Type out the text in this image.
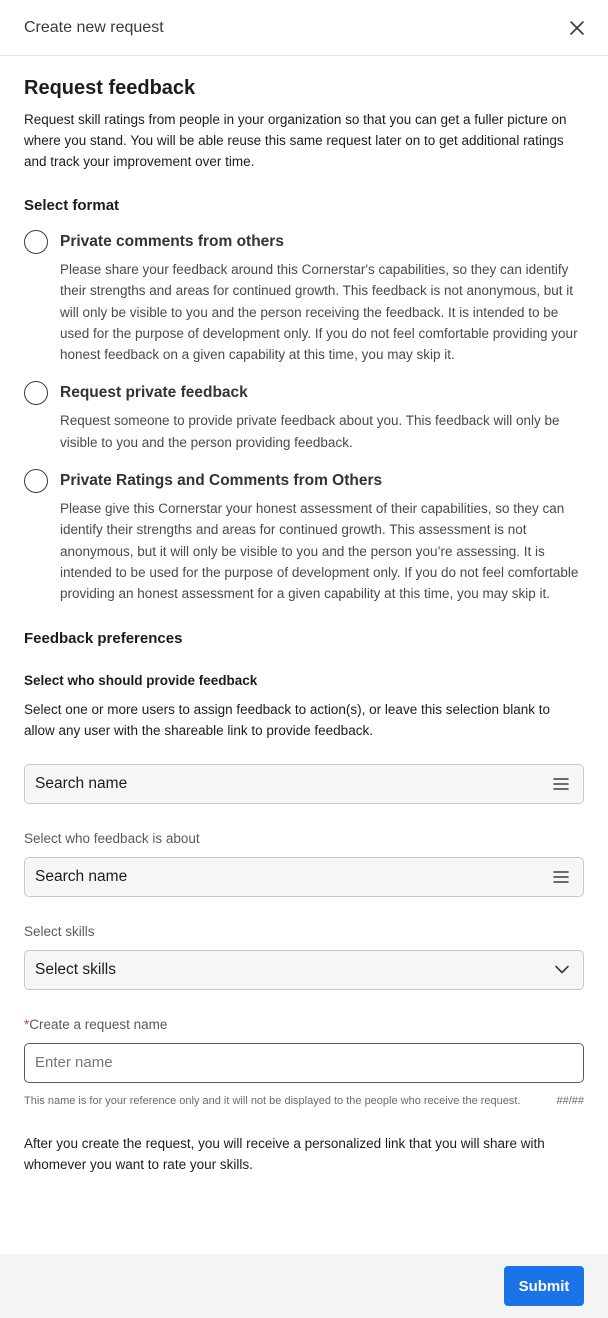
Create new request
Request feedback
Request skill ratings from people in your organization so that you can get a fuller picture on where you stand. You will be able reuse this same request later on to get additional ratings and track your improvement over time.
Select format
Private comments from others
Please share your feedback around this Cornerstar's capabilities, so they can identify their strengths and areas for continued growth. This feedback is not anonymous, but it will only be visible to you and the person receiving the feedback. It is intended to be used for the purpose of development only. If you do not feel comfortable providing your honest feedback on a given capability at this time, you may skip it.
Request private feedback
Request someone to provide private feedback about you. This feedback will only be visible to you and the person providing feedback.
Private Ratings and Comments from Others
Please give this Cornerstar your honest assessment of their capabilities, so they can identify their strengths and areas for continued growth. This assessment is not anonymous, but it will only be visible to you and the person you’re assessing. It is intended to be used for the purpose of development only. If you do not feel comfortable providing an honest assessment for a given capability at this time, you may skip it.
Feedback preferences
Select who should provide feedback
Select one or more users to assign feedback to action(s), or leave this selection blank to allow any user with the shareable link to provide feedback.
Search name
Select who feedback is about
Search name
Select skills
Select skills
*Create a request name
Enter name
This name is for your reference only and it will not be displayed to the people who receive the request.	##/##
After you create the request, you will receive a personalized link that you will share with whomever you want to rate your skills.
Submit
